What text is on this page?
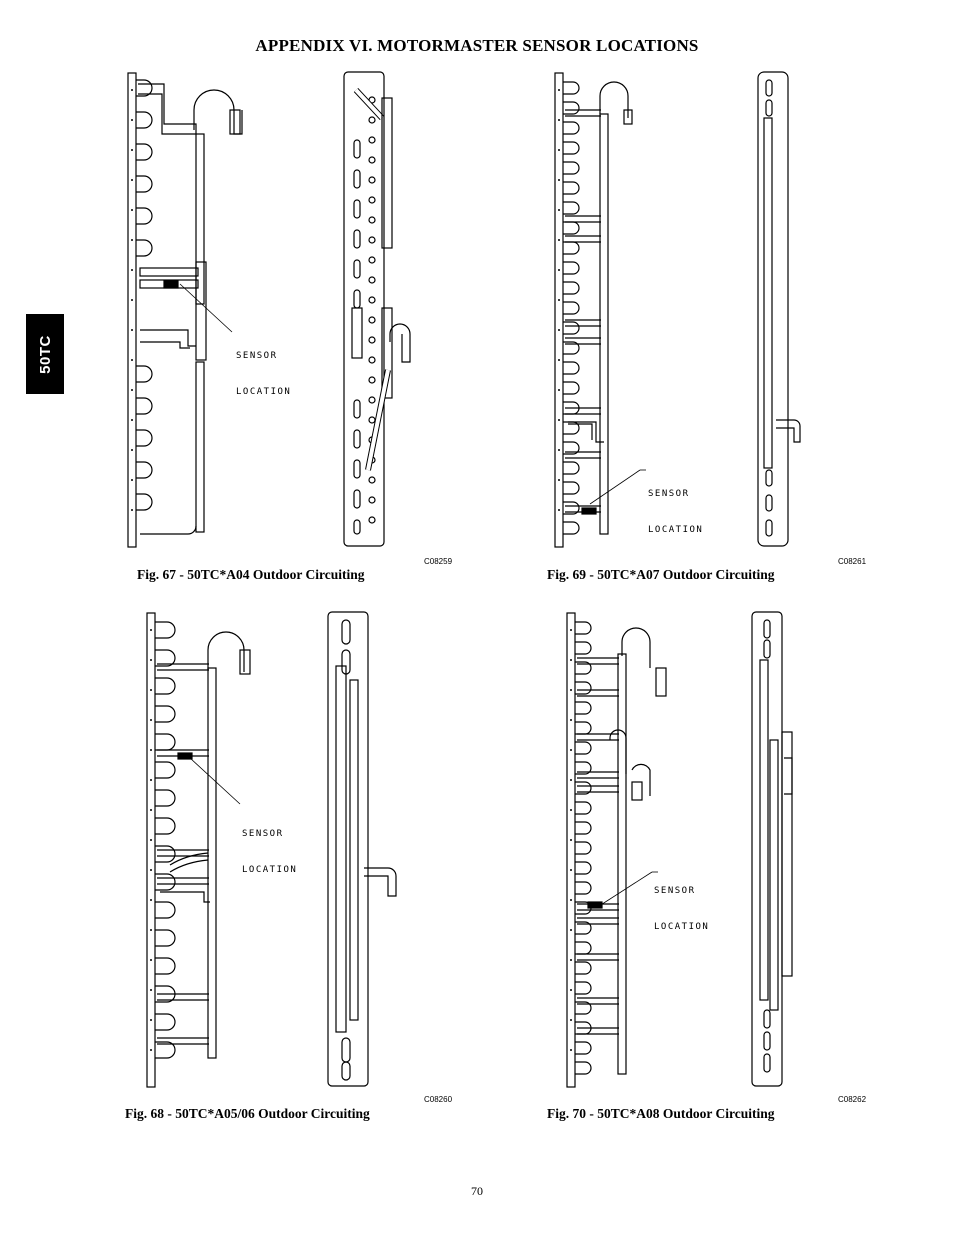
APPENDIX VI. MOTORMASTER SENSOR LOCATIONS
50TC

	SENSOR

LOCATION

C08259
Fig. 67 - 50TC*A04 Outdoor Circuiting

SENSOR

LOCATION

C08261
Fig. 69 - 50TC*A07 Outdoor Circuiting

SENSOR

LOCATION

C08260
Fig. 68 - 50TC*A05/06 Outdoor Circuiting

SENSOR

LOCATION

C08262
Fig. 70 - 50TC*A08 Outdoor Circuiting
70
